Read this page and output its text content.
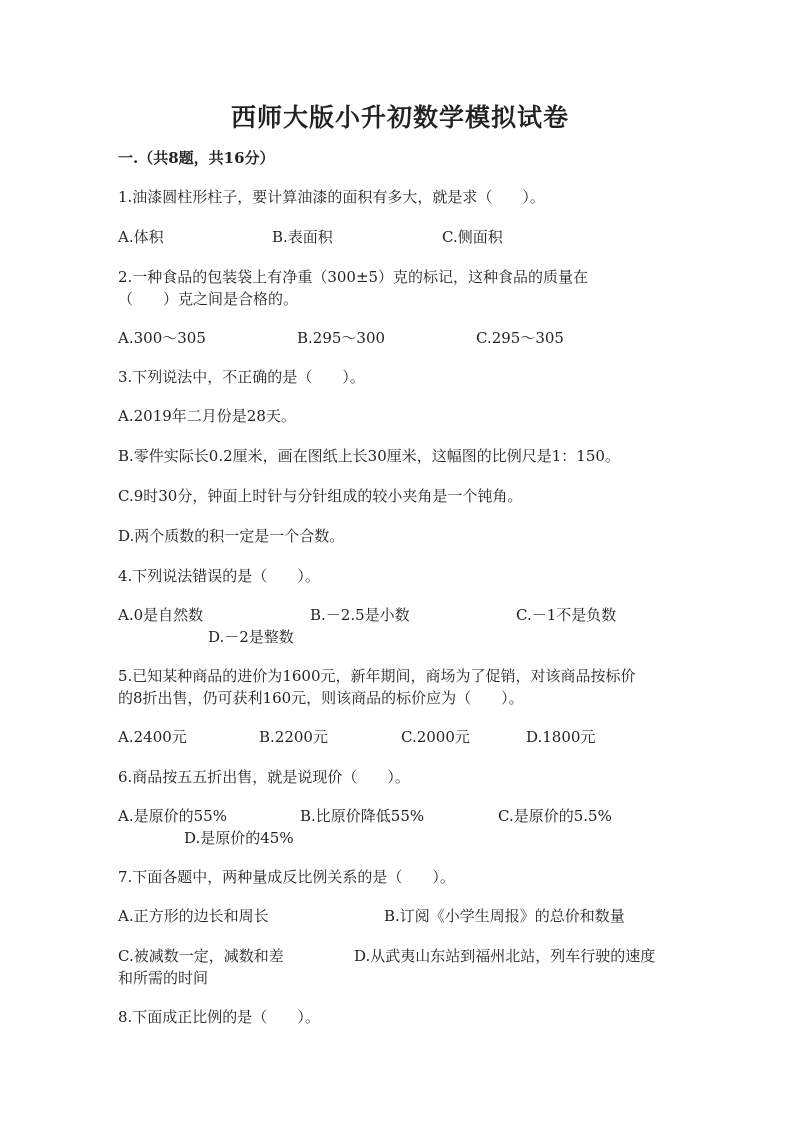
西师大版小升初数学模拟试卷
一.（共8题，共16分）
1.油漆圆柱形柱子，要计算油漆的面积有多大，就是求（　　）。
A.体积	B.表面积	C.侧面积
2.一种食品的包装袋上有净重（300±5）克的标记，这种食品的质量在
（　　）克之间是合格的。
A.300～305	B.295～300	C.295～305
3.下列说法中，不正确的是（　　）。
A.2019年二月份是28天。
B.零件实际长0.2厘米，画在图纸上长30厘米，这幅图的比例尺是1：150。
C.9时30分，钟面上时针与分针组成的较小夹角是一个钝角。
D.两个质数的积一定是一个合数。
4.下列说法错误的是（　　）。
A.0是自然数	B.－2.5是小数	C.－1不是负数
D.－2是整数
5.已知某种商品的进价为1600元，新年期间，商场为了促销，对该商品按标价
的8折出售，仍可获利160元，则该商品的标价应为（　　）。
A.2400元	B.2200元	C.2000元	D.1800元
6.商品按五五折出售，就是说现价（　　）。
A.是原价的55%	B.比原价降低55%	C.是原价的5.5%
D.是原价的45%
7.下面各题中，两种量成反比例关系的是（　　）。
A.正方形的边长和周长	B.订阅《小学生周报》的总价和数量
C.被减数一定，减数和差	D.从武夷山东站到福州北站，列车行驶的速度
和所需的时间
8.下面成正比例的是（　　）。
